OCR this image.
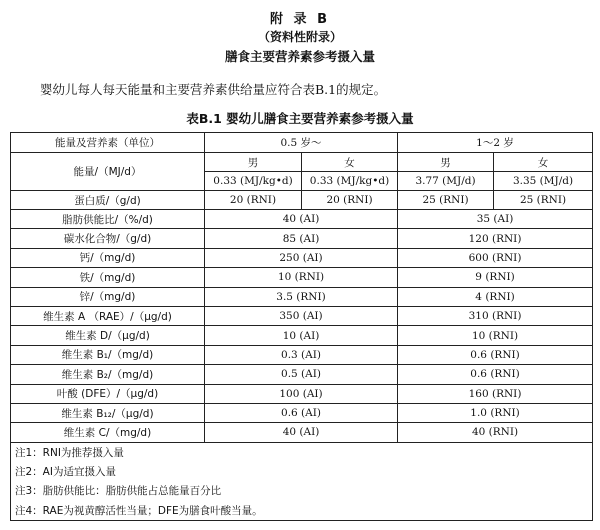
附 录 B
（资料性附录）
膳食主要营养素参考摄入量
婴幼儿每人每天能量和主要营养素供给量应符合表B.1的规定。
表B.1 婴幼儿膳食主要营养素参考摄入量
能量及营养素（单位）	0.5 岁～		1～2 岁	
能量/（MJ/d）	男	女	男	女
	0.33 (MJ/kg•d)	0.33 (MJ/kg•d)	3.77 (MJ/d)	3.35 (MJ/d)
蛋白质/（g/d)	20 (RNI)	20 (RNI)	25 (RNI)	25 (RNI)
脂肪供能比/（%/d)	40 (AI)		35 (AI)	
碳水化合物/（g/d)	85 (AI)		120 (RNI)	
钙/（mg/d)	250 (AI)		600 (RNI)	
铁/（mg/d)	10 (RNI)		9 (RNI)	
锌/（mg/d)	3.5 (RNI)		4 (RNI)	
维生素 A （RAE）/（μg/d)	350 (AI)		310 (RNI)	
维生素 D/（μg/d)	10 (AI)		10 (RNI)	
维生素 B₁/（mg/d)	0.3 (AI)		0.6 (RNI)	
维生素 B₂/（mg/d)	0.5 (AI)		0.6 (RNI)	
叶酸 (DFE）/（μg/d)	100 (AI)		160 (RNI)	
维生素 B₁₂/（μg/d)	0.6 (AI)		1.0 (RNI)	
维生素 C/（mg/d)	40 (AI)		40 (RNI)	
注1：RNI为推荐摄入量				
注2：AI为适宜摄入量				
注3：脂肪供能比：脂肪供能占总能量百分比				
注4：RAE为视黄醇活性当量；DFE为膳食叶酸当量。				
